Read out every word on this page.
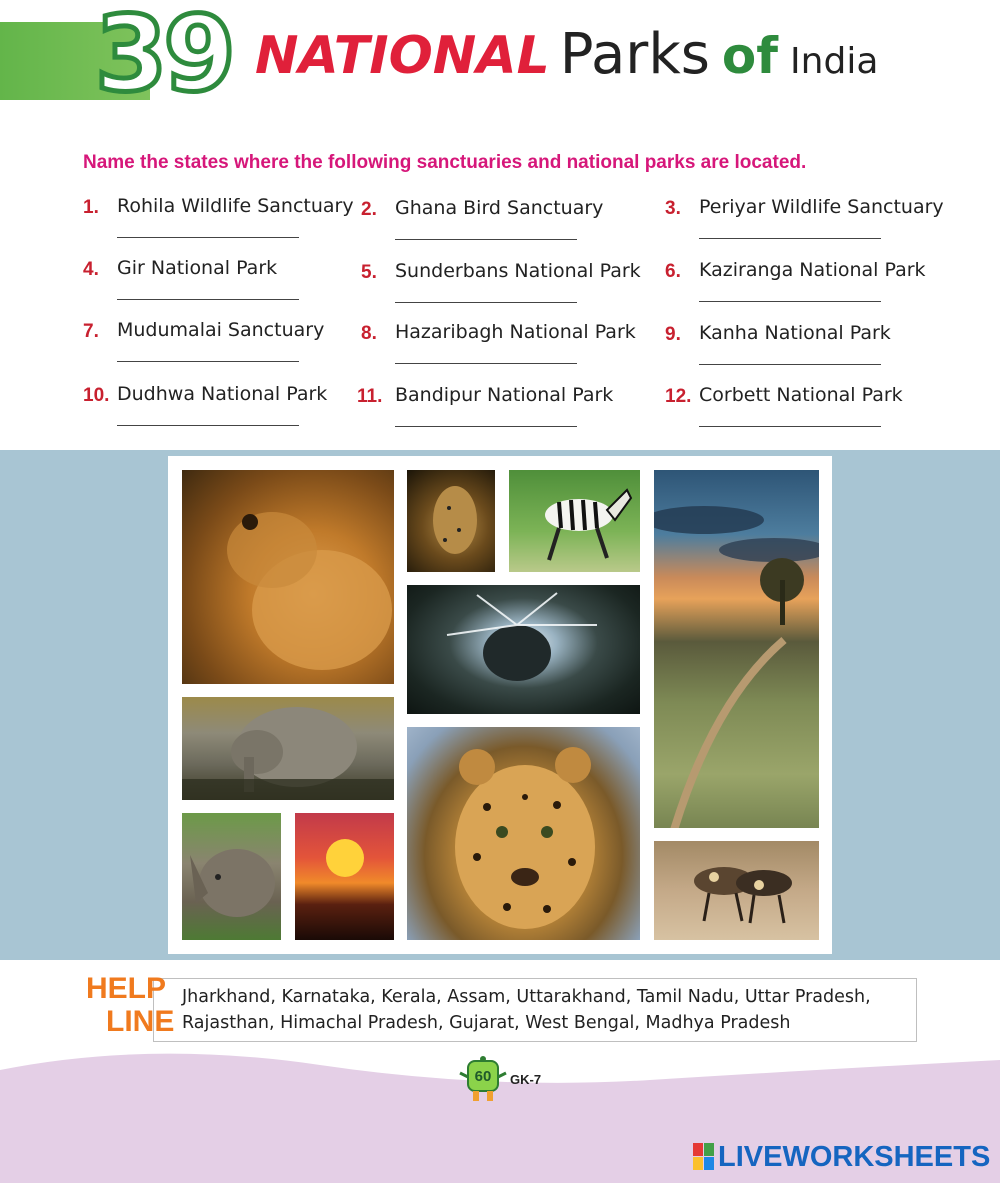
39 NATIONAL Parks of India
Name the states where the following sanctuaries and national parks are located.
1. Rohila Wildlife Sanctuary 2. Ghana Bird Sanctuary	3. Periyar Wildlife Sanctuary
4. Gir National Park	5. Sunderbans National Park 6. Kaziranga National Park
7. Mudumalai Sanctuary 8. Hazaribagh National Park 9. Kanha National Park
10. Dudhwa National Park 11. Bandipur National Park	12. Corbett National Park
HELP
LINE
Jharkhand, Karnataka, Kerala, Assam, Uttarakhand, Tamil Nadu, Uttar Pradesh, Rajasthan, Himachal Pradesh, Gujarat, West Bengal, Madhya Pradesh
60	GK-7
LIVEWORKSHEETS
